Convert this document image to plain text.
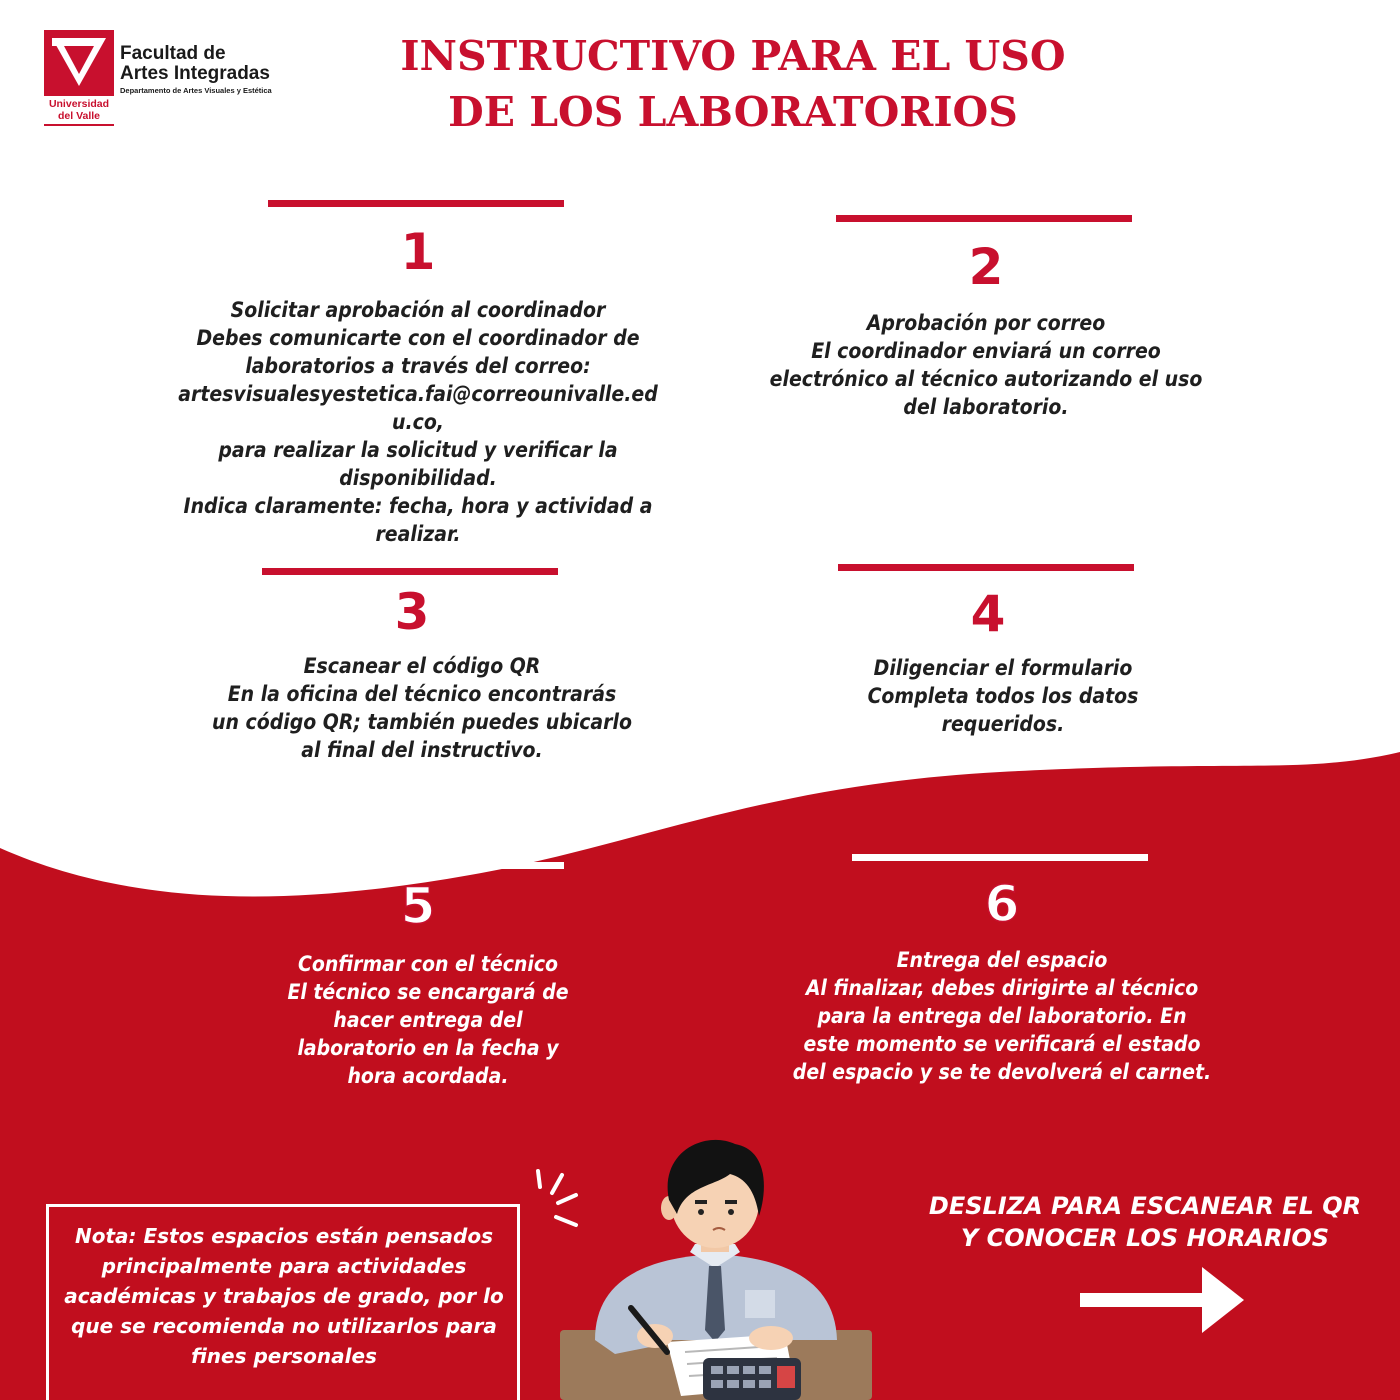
Universidad
del Valle
Facultad de
Artes Integradas
Departamento de Artes Visuales y Estética
INSTRUCTIVO PARA EL USO
DE LOS LABORATORIOS
1
Solicitar aprobación al coordinador
Debes comunicarte con el coordinador de laboratorios a través del correo:
artesvisualesyestetica.fai@correounivalle.edu.co,
para realizar la solicitud y verificar la disponibilidad.
Indica claramente: fecha, hora y actividad a realizar.
2
Aprobación por correo
El coordinador enviará un correo electrónico al técnico autorizando el uso del laboratorio.
3
Escanear el código QR
En la oficina del técnico encontrarás un código QR; también puedes ubicarlo al final del instructivo.
4
Diligenciar el formulario
Completa todos los datos requeridos.
5
Confirmar con el técnico
El técnico se encargará de hacer entrega del laboratorio en la fecha y hora acordada.
6
Entrega del espacio
Al finalizar, debes dirigirte al técnico para la entrega del laboratorio. En este momento se verificará el estado del espacio y se te devolverá el carnet.
Nota: Estos espacios están pensados principalmente para actividades académicas y trabajos de grado, por lo que se recomienda no utilizarlos para fines personales
DESLIZA PARA ESCANEAR EL QR
Y CONOCER LOS HORARIOS
